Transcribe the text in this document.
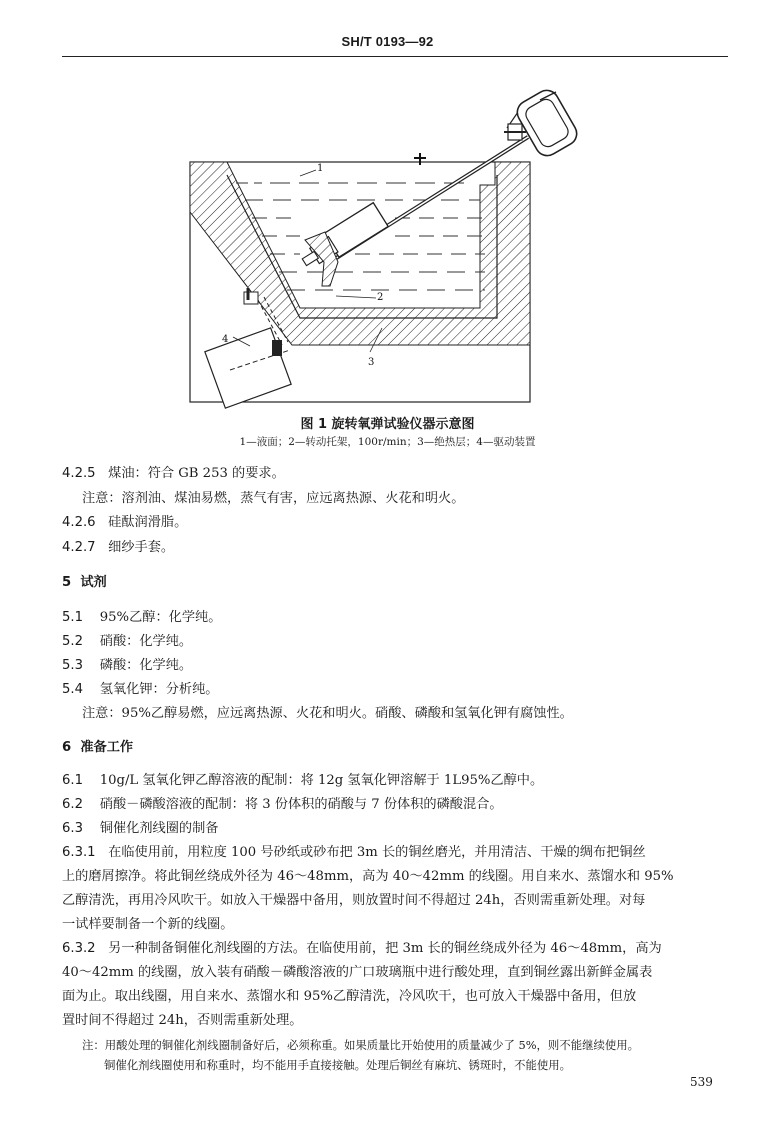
SH/T 0193—92
1
2
3
4
图 1 旋转氧弹试验仪器示意图
1—液面；2—转动托架，100r/min；3—绝热层；4—驱动装置
4.2.5 煤油：符合 GB 253 的要求。
注意：溶剂油、煤油易燃，蒸气有害，应远离热源、火花和明火。
4.2.6 硅酞润滑脂。
4.2.7 细纱手套。
5 试剂
5.1 95%乙醇：化学纯。
5.2 硝酸：化学纯。
5.3 磷酸：化学纯。
5.4 氢氧化钾：分析纯。
注意：95%乙醇易燃，应远离热源、火花和明火。硝酸、磷酸和氢氧化钾有腐蚀性。
6 准备工作
6.1 10g/L 氢氧化钾乙醇溶液的配制：将 12g 氢氧化钾溶解于 1L95%乙醇中。
6.2 硝酸－磷酸溶液的配制：将 3 份体积的硝酸与 7 份体积的磷酸混合。
6.3 铜催化剂线圈的制备
6.3.1 在临使用前，用粒度 100 号砂纸或砂布把 3m 长的铜丝磨光，并用清洁、干燥的绸布把铜丝
上的磨屑擦净。将此铜丝绕成外径为 46～48mm，高为 40～42mm 的线圈。用自来水、蒸馏水和 95%
乙醇清洗，再用冷风吹干。如放入干燥器中备用，则放置时间不得超过 24h，否则需重新处理。对每
一试样要制备一个新的线圈。
6.3.2 另一种制备铜催化剂线圈的方法。在临使用前，把 3m 长的铜丝绕成外径为 46～48mm，高为
40～42mm 的线圈，放入装有硝酸－磷酸溶液的广口玻璃瓶中进行酸处理，直到铜丝露出新鲜金属表
面为止。取出线圈，用自来水、蒸馏水和 95%乙醇清洗，冷风吹干，也可放入干燥器中备用，但放
置时间不得超过 24h，否则需重新处理。
注：用酸处理的铜催化剂线圈制备好后，必须称重。如果质量比开始使用的质量减少了 5%，则不能继续使用。
铜催化剂线圈使用和称重时，均不能用手直接接触。处理后铜丝有麻坑、锈斑时，不能使用。
539
